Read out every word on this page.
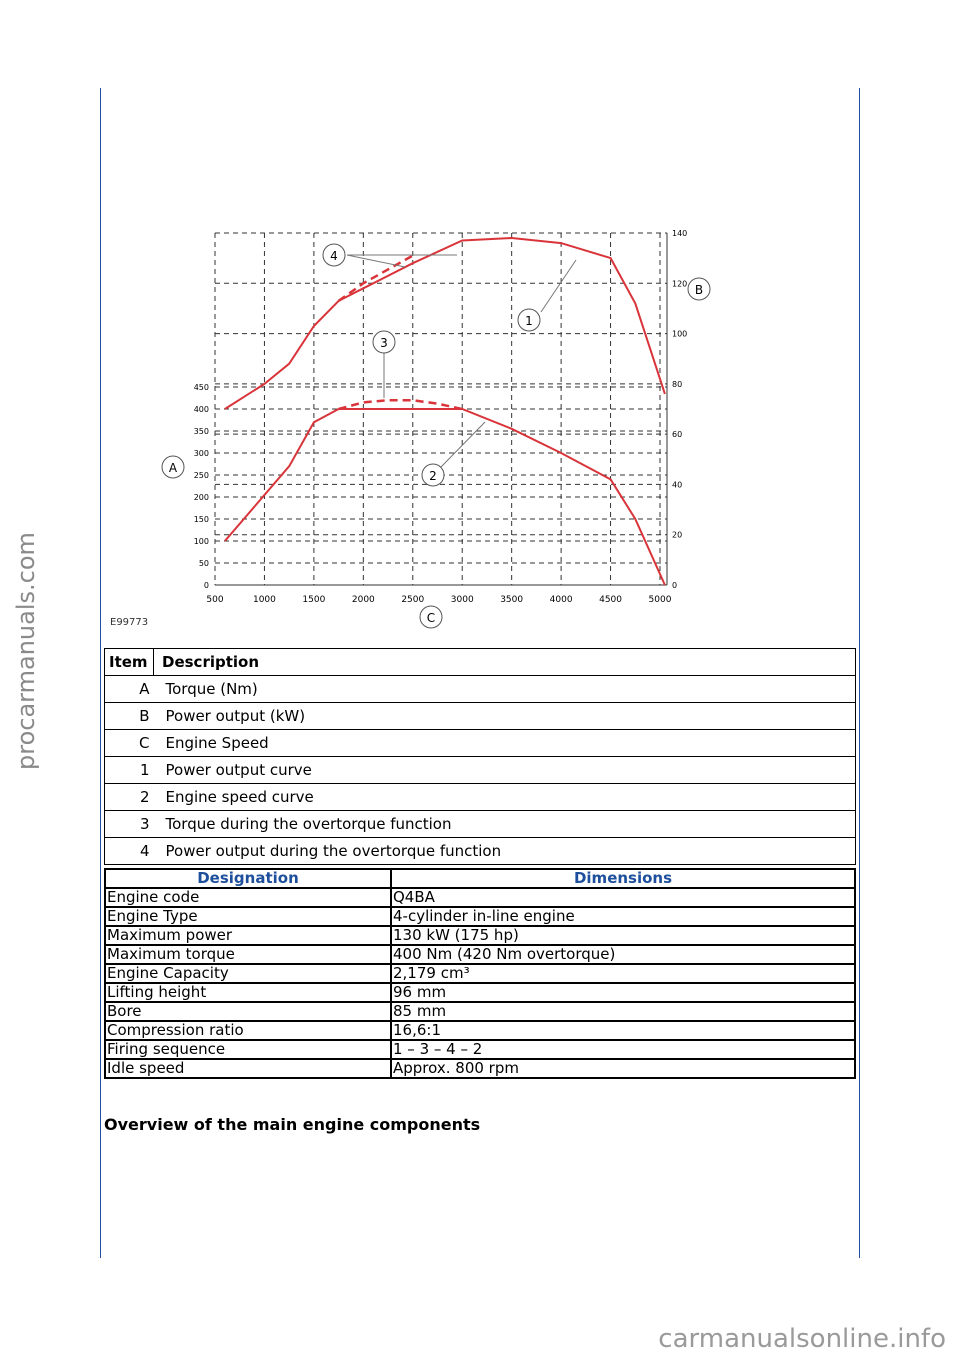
procarmanuals.com	500	1000	1500	2000	2500	3000	3500	4000	4500	5000
0
50
100
150
200
250
300
350
400
450
0
20
40
60
80
100
120
140
A
B
C
1
2
3
4
E99773
Item	Description
A	Torque (Nm)
B	Power output (kW)
C	Engine Speed
1	Power output curve
2	Engine speed curve
3	Torque during the overtorque function
4	Power output during the overtorque function
Designation	Dimensions
Engine code	Q4BA
Engine Type	4-cylinder in-line engine
Maximum power	130 kW (175 hp)
Maximum torque	400 Nm (420 Nm overtorque)
Engine Capacity	2,179 cm³
Lifting height	96 mm
Bore	85 mm
Compression ratio	16,6:1
Firing sequence	1 – 3 – 4 – 2
Idle speed	Approx. 800 rpm
Overview of the main engine components
carmanualsonline.info
